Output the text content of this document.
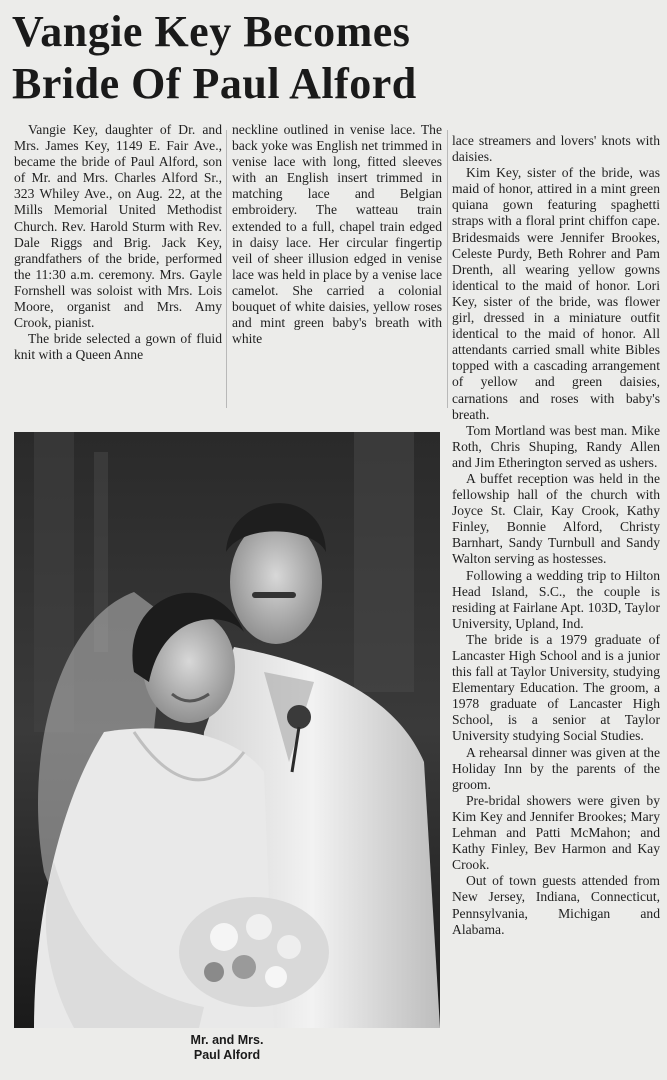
Vangie Key Becomes
Bride Of Paul Alford

Vangie Key, daughter of Dr. and Mrs. James Key, 1149 E. Fair Ave., became the bride of Paul Alford, son of Mr. and Mrs. Charles Alford Sr., 323 Whiley Ave., on Aug. 22, at the Mills Memorial United Methodist Church. Rev. Harold Sturm with Rev. Dale Riggs and Brig. Jack Key, grandfathers of the bride, performed the 11:30 a.m. ceremony. Mrs. Gayle Fornshell was soloist with Mrs. Lois Moore, organist and Mrs. Amy Crook, pianist.

The bride selected a gown of fluid knit with a Queen Anne

neckline outlined in venise lace. The back yoke was English net trimmed in venise lace with long, fitted sleeves with an English insert trimmed in matching lace and Belgian embroidery. The watteau train extended to a full, chapel train edged in daisy lace. Her circular fingertip veil of sheer illusion edged in venise lace was held in place by a venise lace camelot. She carried a colonial bouquet of white daisies, yellow roses and mint green baby's breath with white

lace streamers and lovers' knots with daisies.

Kim Key, sister of the bride, was maid of honor, attired in a mint green quiana gown featuring spaghetti straps with a floral print chiffon cape. Bridesmaids were Jennifer Brookes, Celeste Purdy, Beth Rohrer and Pam Drenth, all wearing yellow gowns identical to the maid of honor. Lori Key, sister of the bride, was flower girl, dressed in a miniature outfit identical to the maid of honor. All attendants carried small white Bibles topped with a cascading arrangement of yellow and green daisies, carnations and roses with baby's breath.

Tom Mortland was best man. Mike Roth, Chris Shuping, Randy Allen and Jim Etherington served as ushers.

A buffet reception was held in the fellowship hall of the church with Joyce St. Clair, Kay Crook, Kathy Finley, Bonnie Alford, Christy Barnhart, Sandy Turnbull and Sandy Walton serving as hostesses.

Following a wedding trip to Hilton Head Island, S.C., the couple is residing at Fairlane Apt. 103D, Taylor University, Upland, Ind.

The bride is a 1979 graduate of Lancaster High School and is a junior this fall at Taylor University, studying Elementary Education. The groom, a 1978 graduate of Lancaster High School, is a senior at Taylor University studying Social Studies.

A rehearsal dinner was given at the Holiday Inn by the parents of the groom.

Pre-bridal showers were given by Kim Key and Jennifer Brookes; Mary Lehman and Patti McMahon; and Kathy Finley, Bev Harmon and Kay Crook.

Out of town guests attended from New Jersey, Indiana, Connecticut, Pennsylvania, Michigan and Alabama.

Mr. and Mrs.
Paul Alford
